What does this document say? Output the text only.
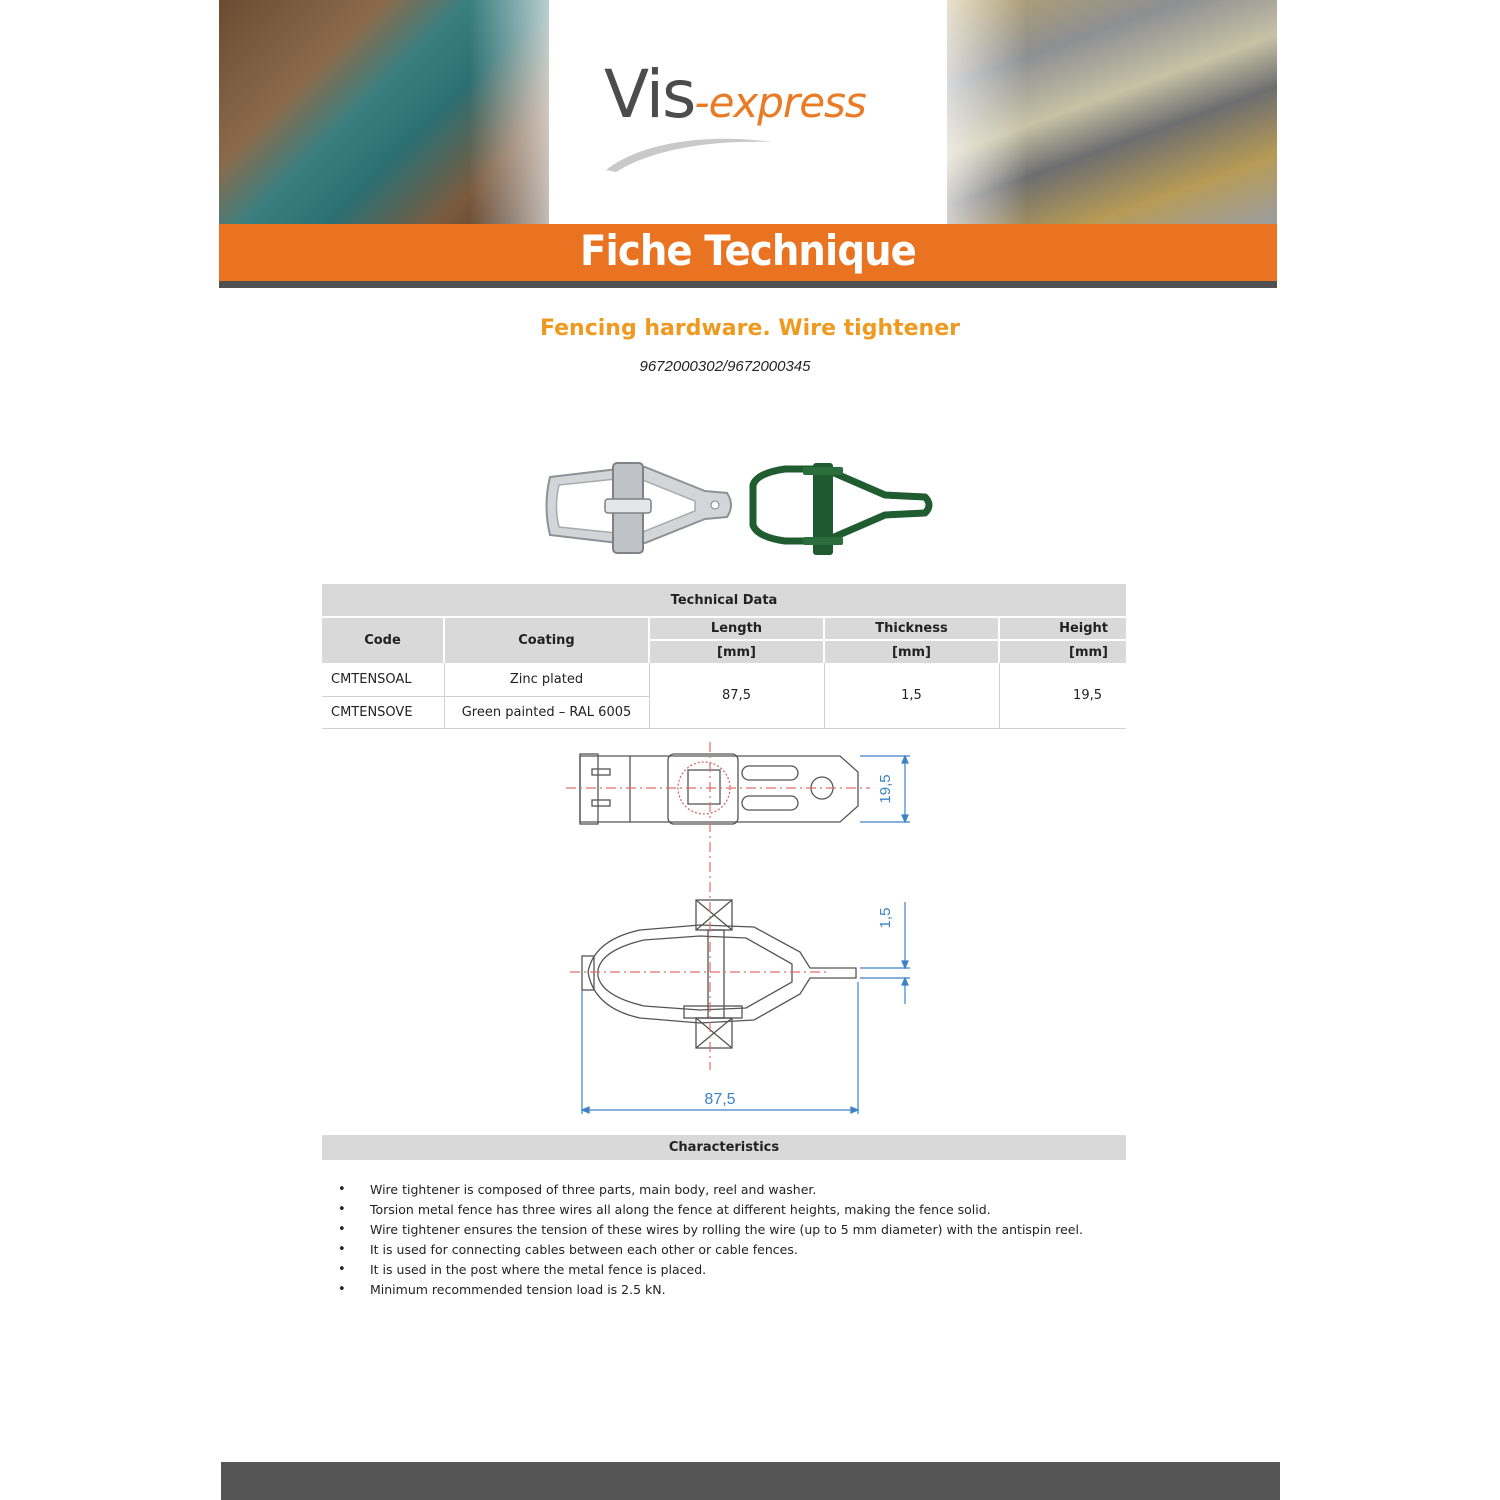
Vis-express
Fiche Technique
Fencing hardware. Wire tightener
9672000302/9672000345
Technical Data				
Code	Coating	Length	Thickness	Height
		[mm]	[mm]	[mm]
CMTENSOAL	Zinc plated	87,5	1,5	19,5
CMTENSOVE	Green painted – RAL 6005			
19,5
1,5
87,5
Characteristics
• Wire tightener is composed of three parts, main body, reel and washer.
• Torsion metal fence has three wires all along the fence at different heights, making the fence solid.
• Wire tightener ensures the tension of these wires by rolling the wire (up to 5 mm diameter) with the antispin reel.
• It is used for connecting cables between each other or cable fences.
• It is used in the post where the metal fence is placed.
• Minimum recommended tension load is 2.5 kN.
